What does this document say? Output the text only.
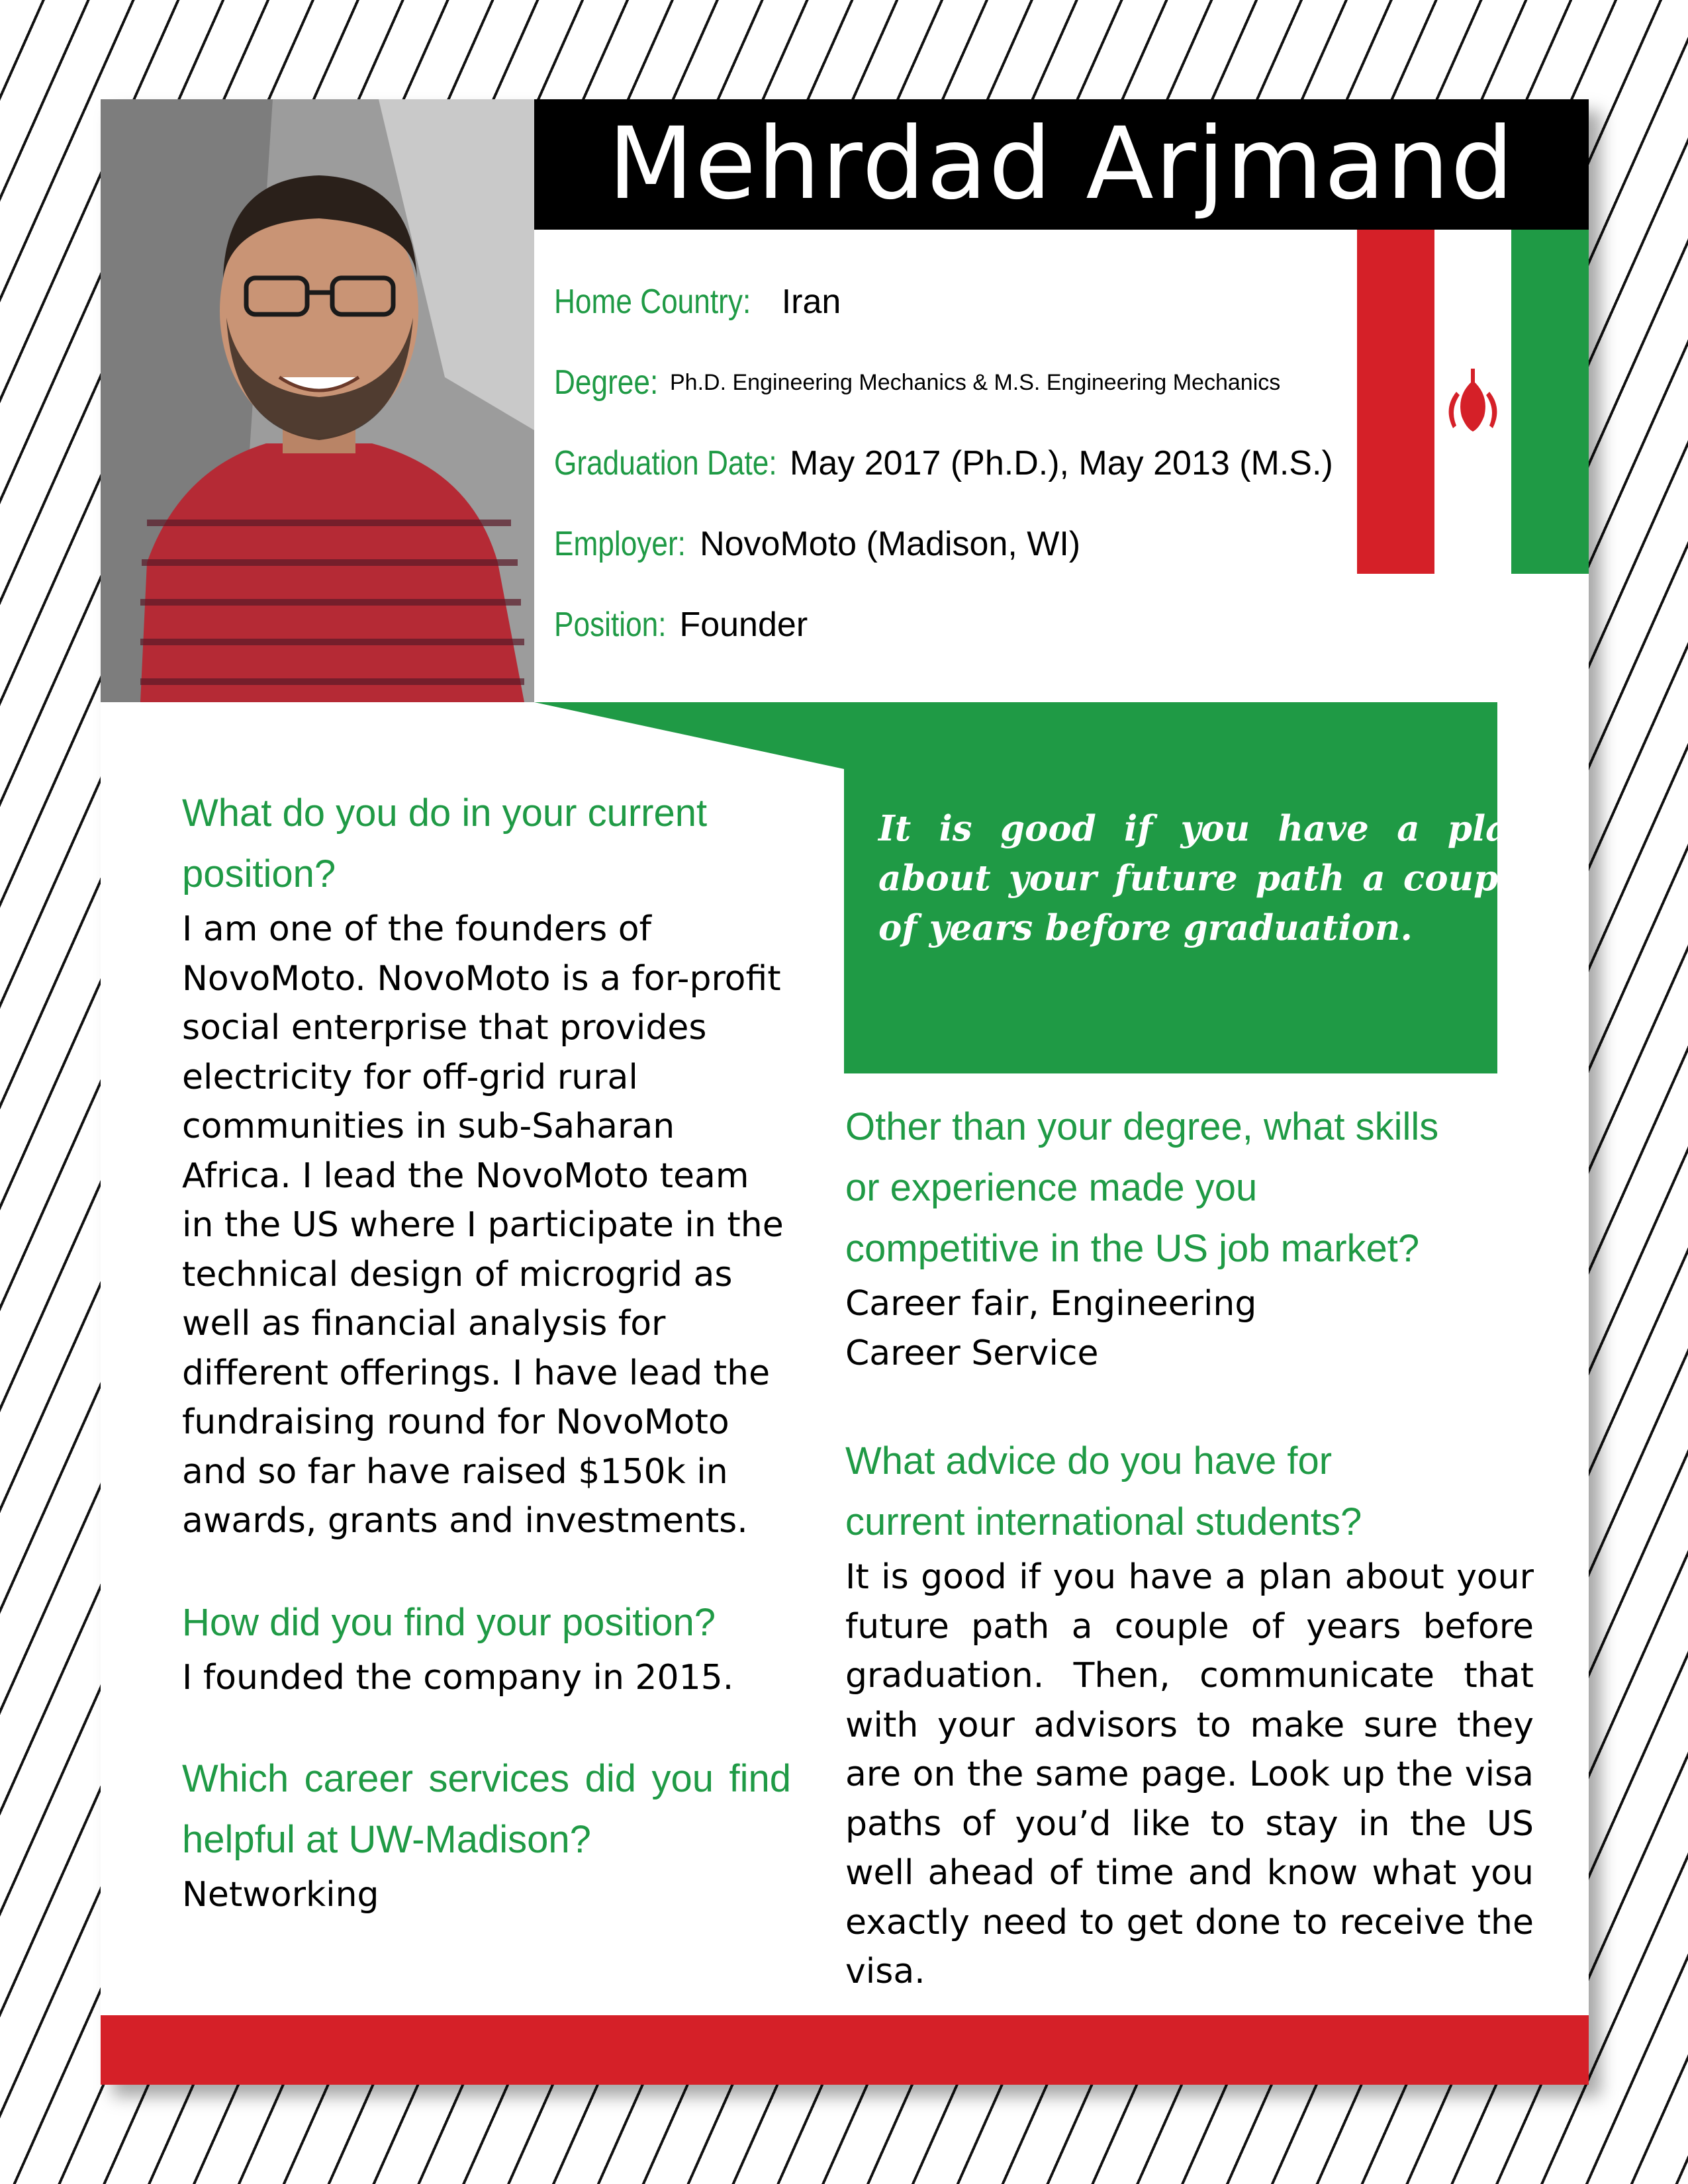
Mehrdad Arjmand
Home Country: Iran
Degree: Ph.D. Engineering Mechanics & M.S. Engineering Mechanics
Graduation Date: May 2017 (Ph.D.), May 2013 (M.S.)
Employer: NovoMoto (Madison, WI)
Position: Founder
It is good if you have a plan about your future path a couple of years before graduation.
What do you do in your current position?
I am one of the founders of NovoMoto. NovoMoto is a for-profit social enterprise that provides electricity for off-grid rural communities in sub-Saharan Africa. I lead the NovoMoto team in the US where I participate in the technical design of microgrid as well as financial analysis for different offerings. I have lead the fundraising round for NovoMoto and so far have raised $150k in awards, grants and investments.
How did you find your position?
I founded the company in 2015.
Which career services did you find helpful at UW-Madison?
Networking
Other than your degree, what skills or experience made you competitive in the US job market?
Career fair, Engineering Career Service
What advice do you have for current international students?
It is good if you have a plan about your future path a couple of years before graduation. Then, communicate that with your advisors to make sure they are on the same page. Look up the visa paths of you’d like to stay in the US well ahead of time and know what you exactly need to get done to receive the visa.
